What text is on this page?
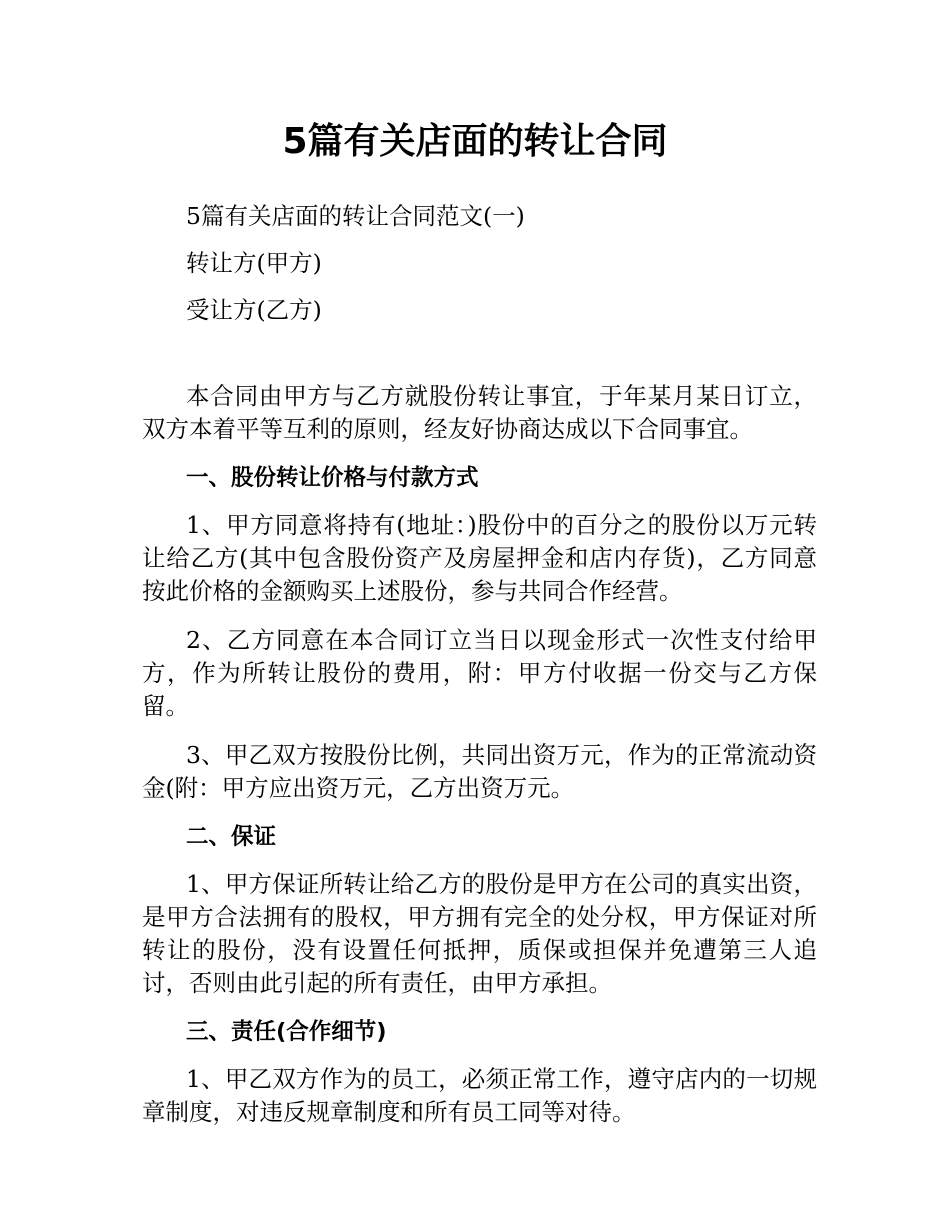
5篇有关店面的转让合同

5篇有关店面的转让合同范文(一)

转让方(甲方)

受让方(乙方)

本合同由甲方与乙方就股份转让事宜，于年某月某日订立，双方本着平等互利的原则，经友好协商达成以下合同事宜。

一、股份转让价格与付款方式

1、甲方同意将持有(地址：)股份中的百分之的股份以万元转让给乙方(其中包含股份资产及房屋押金和店内存货)，乙方同意按此价格的金额购买上述股份，参与共同合作经营。

2、乙方同意在本合同订立当日以现金形式一次性支付给甲方，作为所转让股份的费用，附：甲方付收据一份交与乙方保留。

3、甲乙双方按股份比例，共同出资万元，作为的正常流动资金(附：甲方应出资万元，乙方出资万元。

二、保证

1、甲方保证所转让给乙方的股份是甲方在公司的真实出资，是甲方合法拥有的股权，甲方拥有完全的处分权，甲方保证对所转让的股份，没有设置任何抵押，质保或担保并免遭第三人追讨，否则由此引起的所有责任，由甲方承担。

三、责任(合作细节)

1、甲乙双方作为的员工，必须正常工作，遵守店内的一切规章制度，对违反规章制度和所有员工同等对待。
